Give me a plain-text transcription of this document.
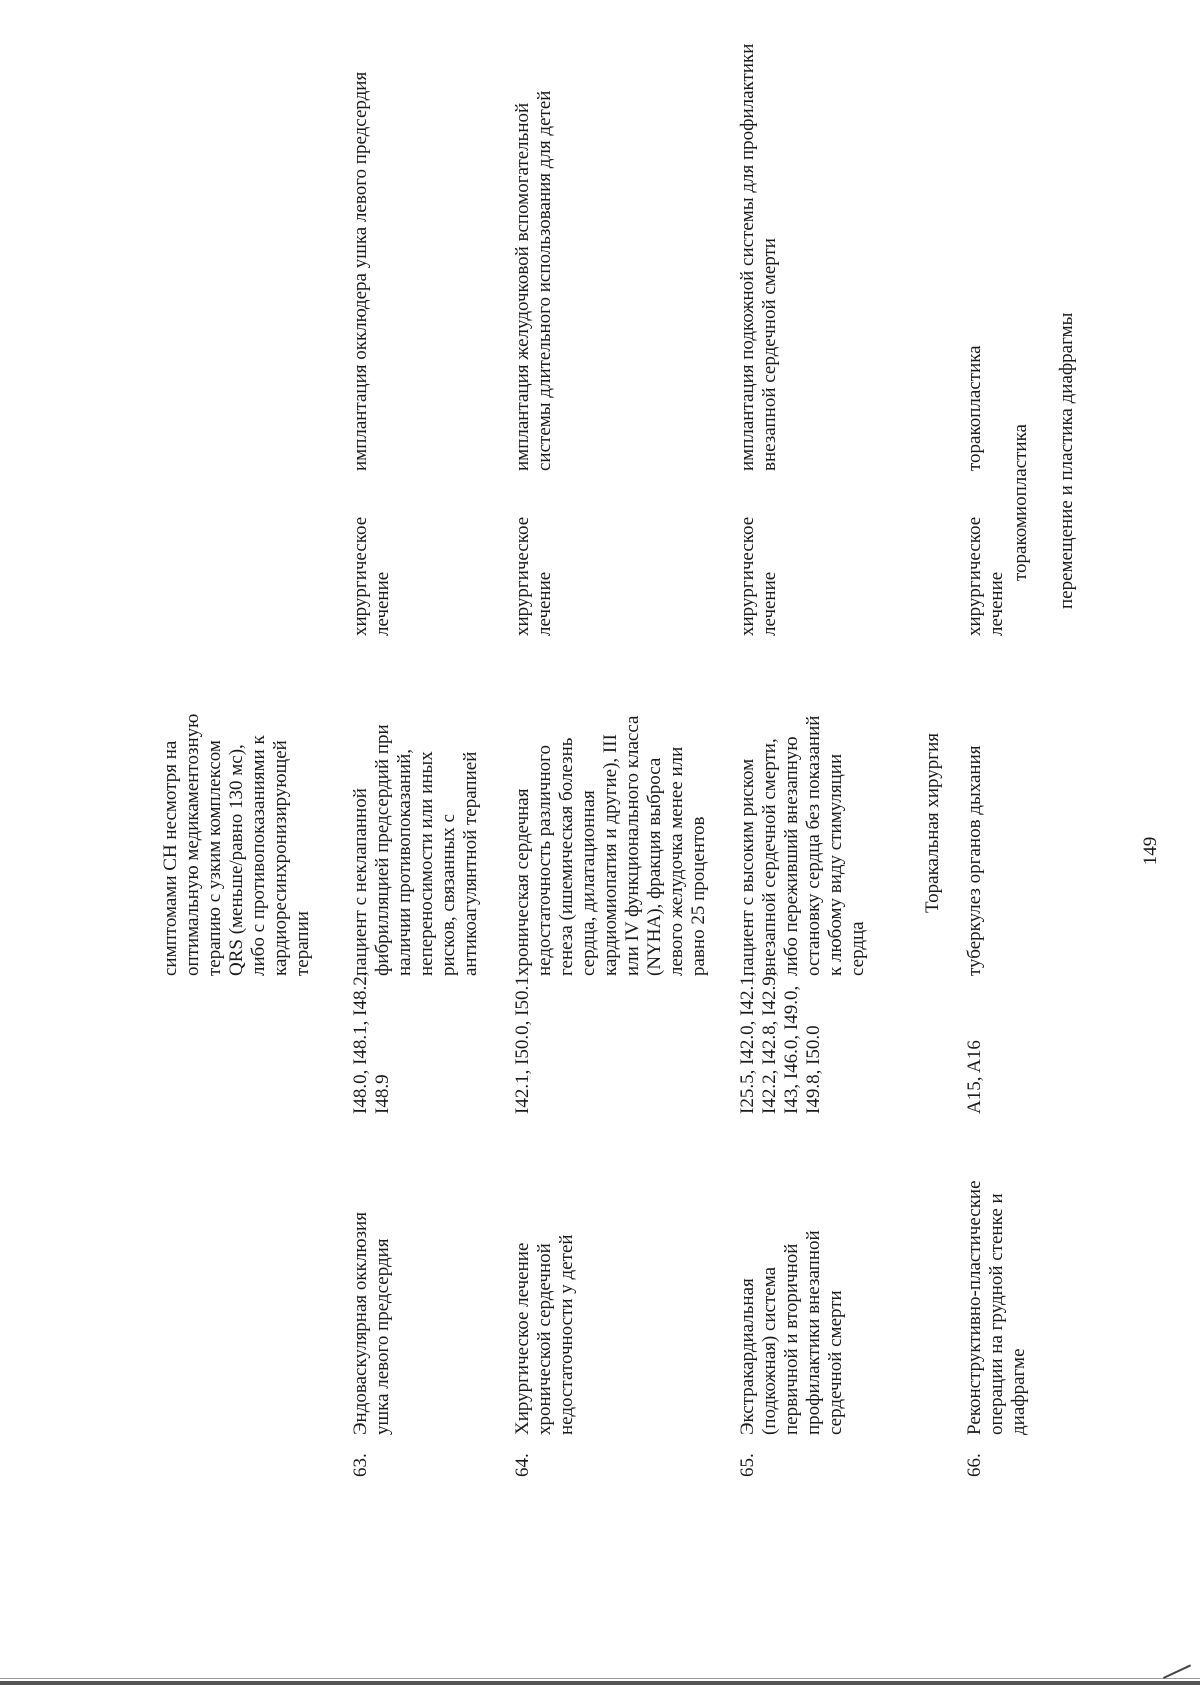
149
симптомами СН несмотря на
оптимальную медикаментозную
терапию с узким комплексом
QRS (меньше/равно 130 мс),
либо с противопоказаниями к
кардиоресинхронизирующей
терапии
63.
Эндоваскулярная окклюзия
ушка левого предсердия
I48.0, I48.1, I48.2,
I48.9
пациент с неклапанной
фибрилляцией предсердий при
наличии противопоказаний,
непереносимости или иных
рисков, связанных с
антикоагулянтной терапией
хирургическое
лечение
имплантация окклюдера ушка левого предсердия
64.
Хирургическое лечение
хронической сердечной
недостаточности у детей
I42.1, I50.0, I50.1
хроническая сердечная
недостаточность различного
генеза (ишемическая болезнь
сердца, дилатационная
кардиомиопатия и другие), III
или IV функционального класса
(NYHA), фракция выброса
левого желудочка менее или
равно 25 процентов
хирургическое
лечение
имплантация желудочковой вспомогательной
системы длительного использования для детей
65.
Экстракардиальная
(подкожная) система
первичной и вторичной
профилактики внезапной
сердечной смерти
I25.5, I42.0, I42.1,
I42.2, I42.8, I42.9,
I43, I46.0, I49.0,
I49.8, I50.0
пациент с высоким риском
внезапной сердечной смерти,
либо переживший внезапную
остановку сердца без показаний
к любому виду стимуляции
сердца
хирургическое
лечение
имплантация подкожной системы для профилактики
внезапной сердечной смерти
Торакальная хирургия
66.
Реконструктивно-пластические
операции на грудной стенке и
диафрагме
A15, A16
туберкулез органов дыхания
хирургическое
лечение
торакопластика
торакомиопластика перемещение и пластика диафрагмы
